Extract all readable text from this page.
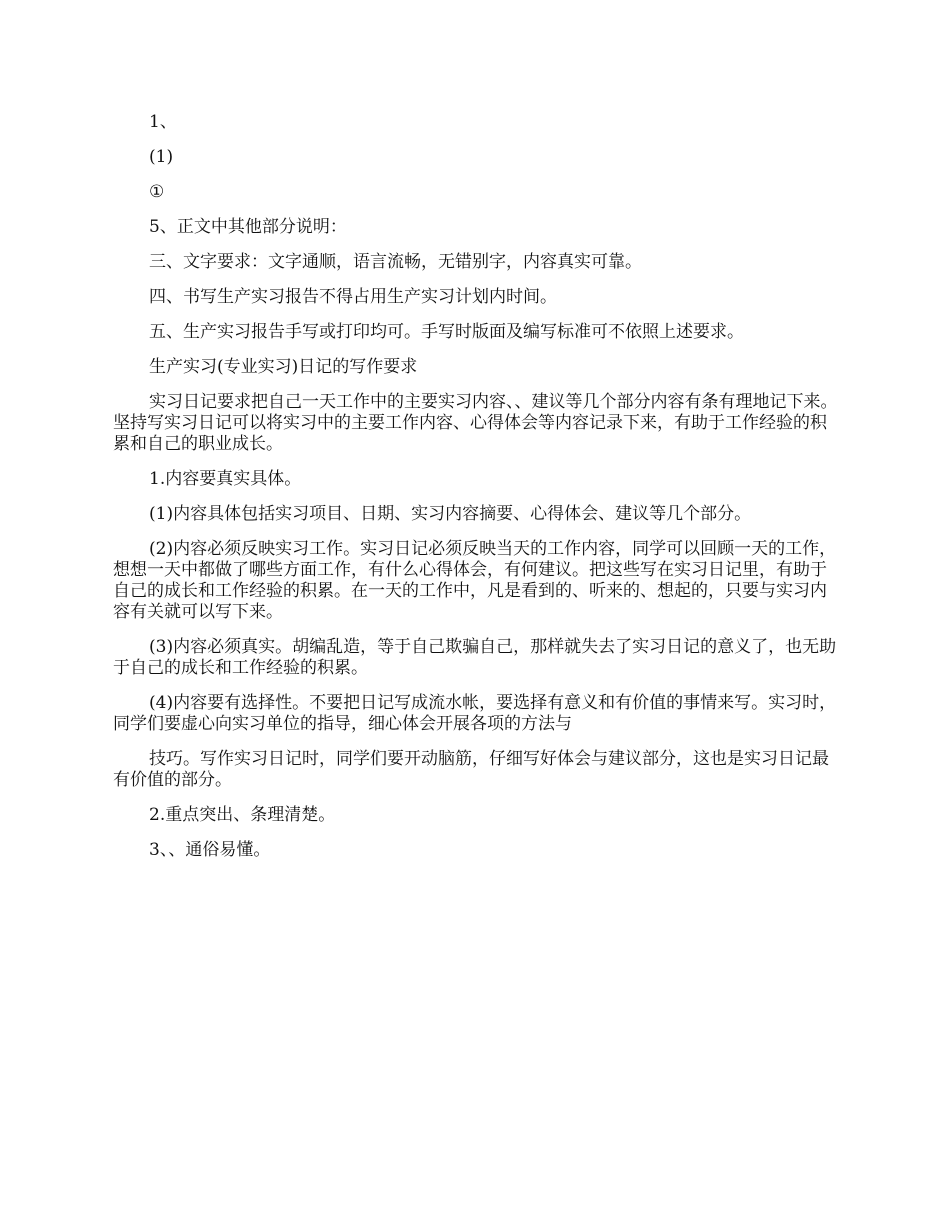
1、

(1)

①

5、正文中其他部分说明：

三、文字要求：文字通顺，语言流畅，无错别字，内容真实可靠。

四、书写生产实习报告不得占用生产实习计划内时间。

五、生产实习报告手写或打印均可。手写时版面及编写标准可不依照上述要求。

生产实习(专业实习)日记的写作要求

实习日记要求把自己一天工作中的主要实习内容、、建议等几个部分内容有条有理地记下来。坚持写实习日记可以将实习中的主要工作内容、心得体会等内容记录下来，有助于工作经验的积累和自己的职业成长。

1.内容要真实具体。

(1)内容具体包括实习项目、日期、实习内容摘要、心得体会、建议等几个部分。

(2)内容必须反映实习工作。实习日记必须反映当天的工作内容，同学可以回顾一天的工作，想想一天中都做了哪些方面工作，有什么心得体会，有何建议。把这些写在实习日记里，有助于自己的成长和工作经验的积累。在一天的工作中，凡是看到的、听来的、想起的，只要与实习内容有关就可以写下来。

(3)内容必须真实。胡编乱造，等于自己欺骗自己，那样就失去了实习日记的意义了，也无助于自己的成长和工作经验的积累。

(4)内容要有选择性。不要把日记写成流水帐，要选择有意义和有价值的事情来写。实习时，同学们要虚心向实习单位的指导，细心体会开展各项的方法与

技巧。写作实习日记时，同学们要开动脑筋，仔细写好体会与建议部分，这也是实习日记最有价值的部分。

2.重点突出、条理清楚。

3、、通俗易懂。
